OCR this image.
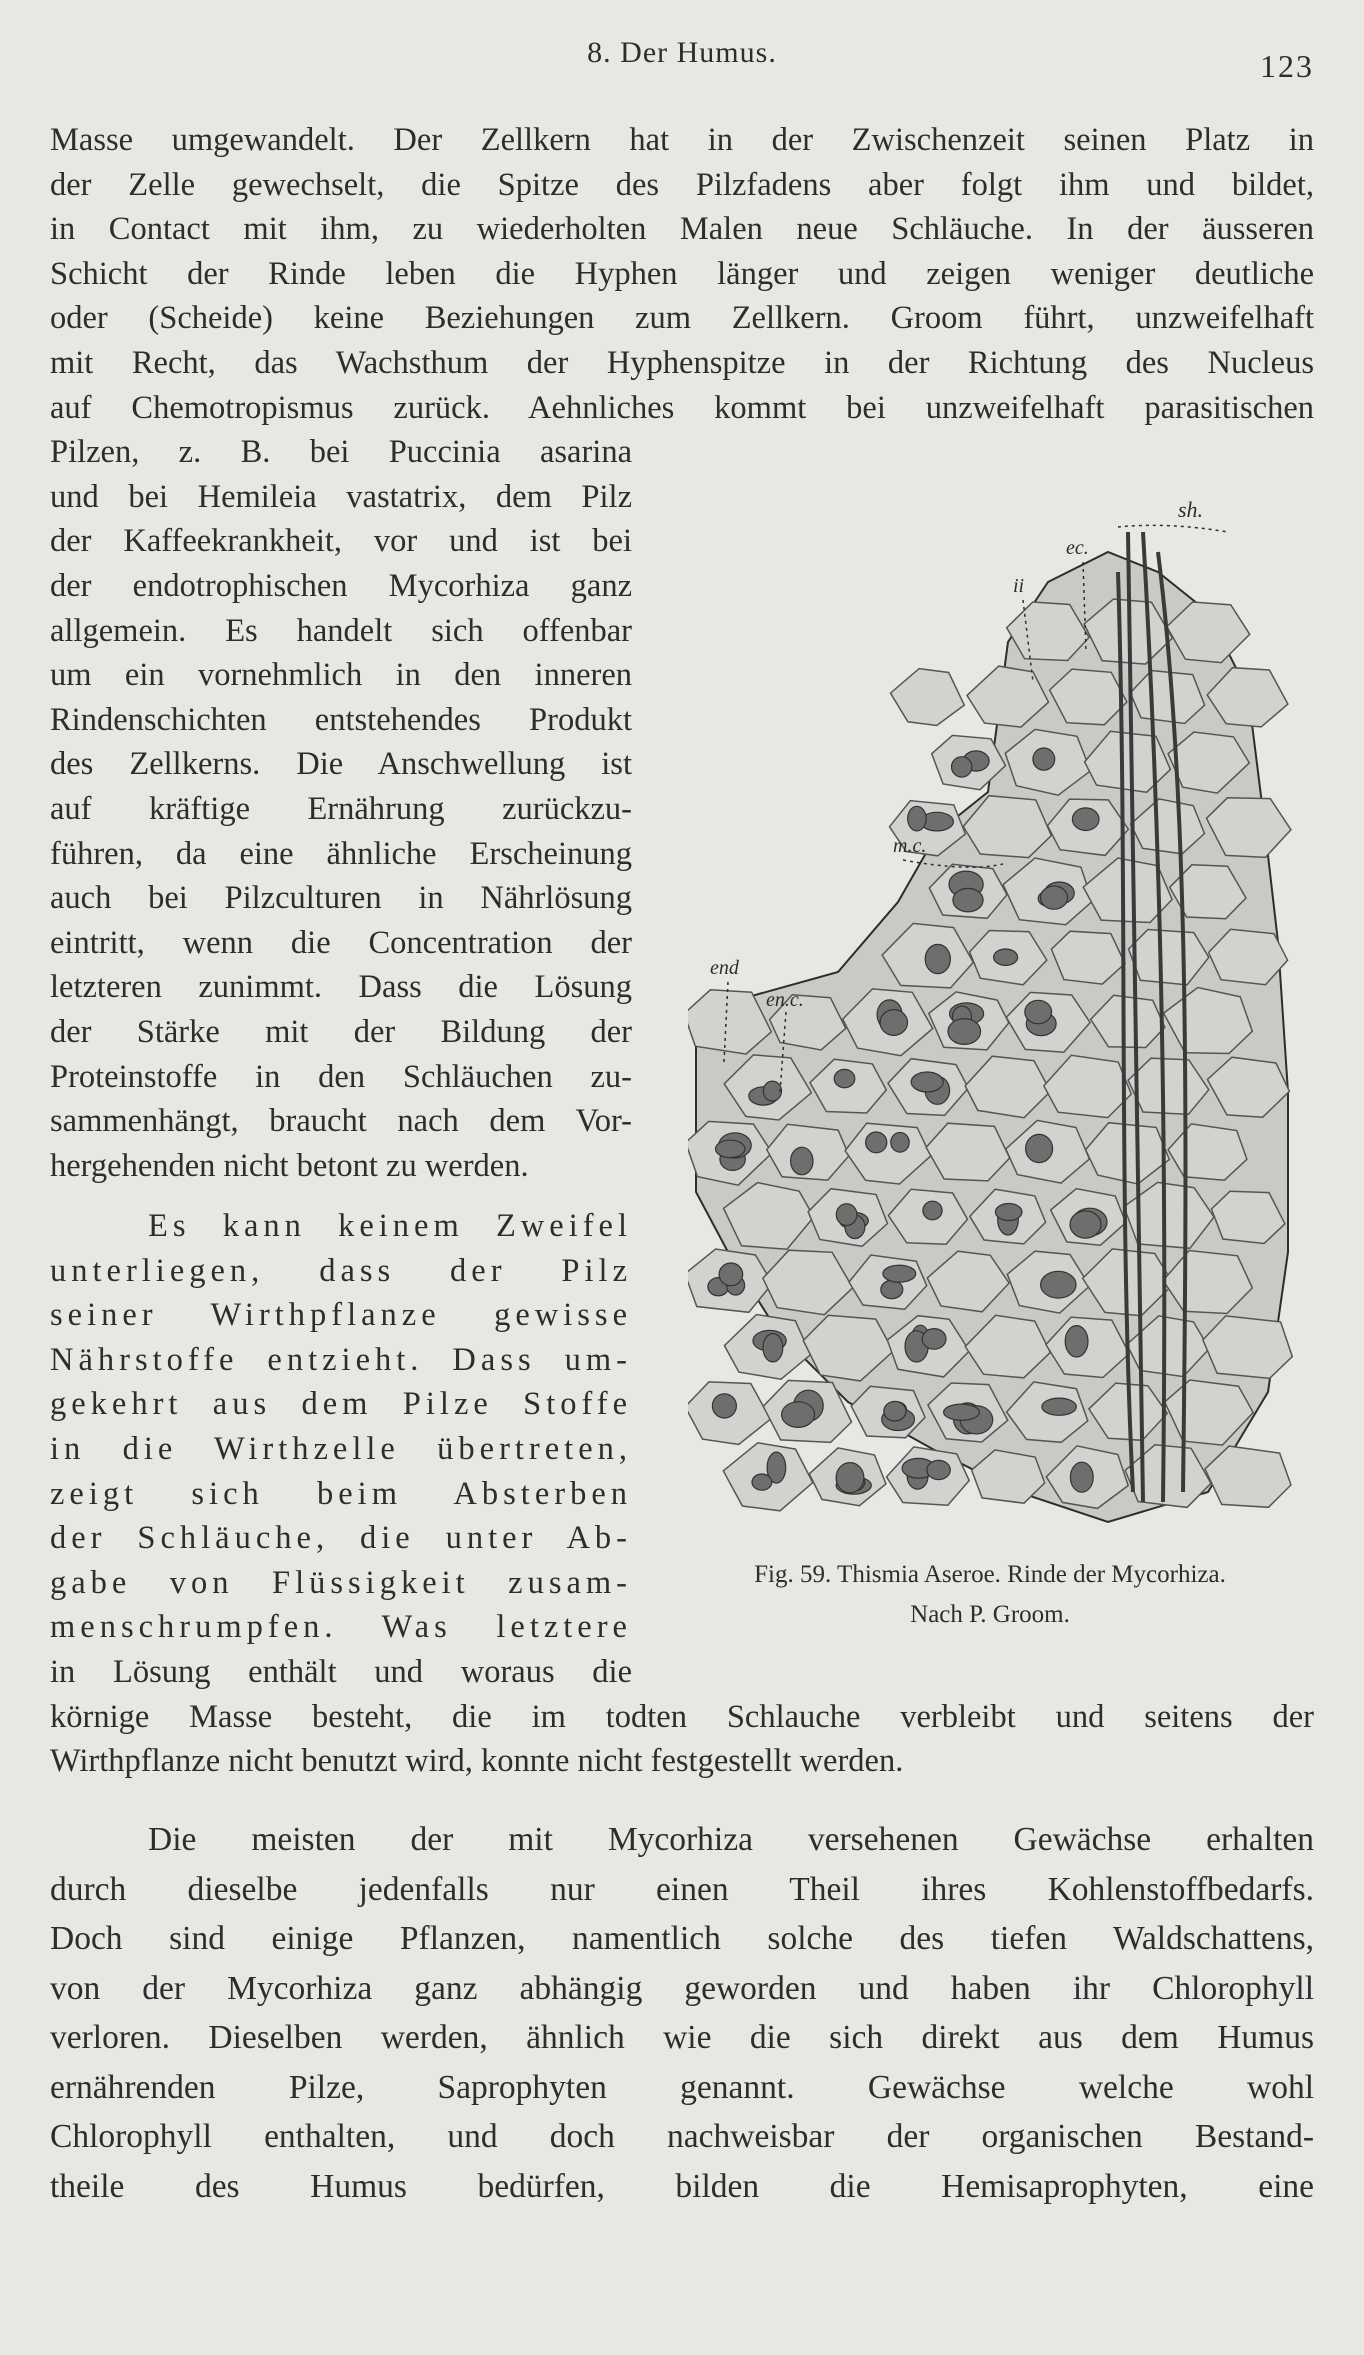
8. Der Humus.	123
Masse umgewandelt. Der Zellkern hat in der Zwischenzeit seinen Platz in
der Zelle gewechselt, die Spitze des Pilzfadens aber folgt ihm und bildet,
in Contact mit ihm, zu wiederholten Malen neue Schläuche. In der äusseren
Schicht der Rinde leben die Hyphen länger und zeigen weniger deutliche
oder (Scheide) keine Beziehungen zum Zellkern. Groom führt, unzweifelhaft
mit Recht, das Wachsthum der Hyphenspitze in der Richtung des Nucleus
auf Chemotropismus zurück. Aehnliches kommt bei unzweifelhaft parasitischen
Pilzen, z. B. bei Puccinia asarina
und bei Hemileia vastatrix, dem Pilz
der Kaffeekrankheit, vor und ist bei
der endotrophischen Mycorhiza ganz
allgemein. Es handelt sich offenbar
um ein vornehmlich in den inneren
Rindenschichten entstehendes Produkt
des Zellkerns. Die Anschwellung ist
auf kräftige Ernährung zurückzu-
führen, da eine ähnliche Erscheinung
auch bei Pilzculturen in Nährlösung
eintritt, wenn die Concentration der
letzteren zunimmt. Dass die Lösung
der Stärke mit der Bildung der
Proteinstoffe in den Schläuchen zu-
sammenhängt, braucht nach dem Vor-
hergehenden nicht betont zu werden.
Es kann keinem Zweifel
unterliegen, dass der Pilz
seiner Wirthpflanze gewisse
Nährstoffe entzieht. Dass um-
gekehrt aus dem Pilze Stoffe
in die Wirthzelle übertreten,
zeigt sich beim Absterben
der Schläuche, die unter Ab-
gabe von Flüssigkeit zusam-
menschrumpfen. Was letztere
in Lösung enthält und woraus die
körnige Masse besteht, die im todten Schlauche verbleibt und seitens der
Wirthpflanze nicht benutzt wird, konnte nicht festgestellt werden.
Die meisten der mit Mycorhiza versehenen Gewächse erhalten
durch dieselbe jedenfalls nur einen Theil ihres Kohlenstoffbedarfs.
Doch sind einige Pflanzen, namentlich solche des tiefen Waldschattens,
von der Mycorhiza ganz abhängig geworden und haben ihr Chlorophyll
verloren. Dieselben werden, ähnlich wie die sich direkt aus dem Humus
ernährenden Pilze, Saprophyten genannt. Gewächse welche wohl
Chlorophyll enthalten, und doch nachweisbar der organischen Bestand-
theile des Humus bedürfen, bilden die Hemisaprophyten, eine
sh.
ec.
ii
m.c.
end
en.c.
Fig. 59. Thismia Aseroe. Rinde der Mycorhiza.
Nach P. Groom.
